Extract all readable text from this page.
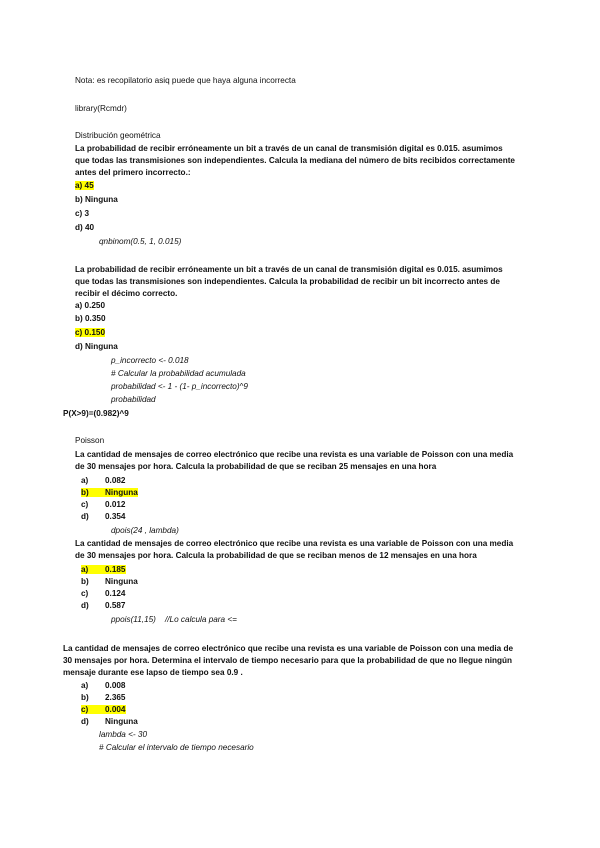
Nota: es recopilatorio asiq puede que haya alguna incorrecta
library(Rcmdr)
Distribución geométrica
La probabilidad de recibir erróneamente un bit a través de un canal de transmisión digital es 0.015. asumimos
que todas las transmisiones son independientes. Calcula la mediana del número de bits recibidos correctamente
antes del primero incorrecto.:
a) 45
b) Ninguna
c) 3
d) 40
qnbinom(0.5, 1, 0.015)
La probabilidad de recibir erróneamente un bit a través de un canal de transmisión digital es 0.015. asumimos
que todas las transmisiones son independientes. Calcula la probabilidad de recibir un bit incorrecto antes de
recibir el décimo correcto.
a) 0.250
b) 0.350
c) 0.150
d) Ninguna
p_incorrecto <- 0.018
# Calcular la probabilidad acumulada
probabilidad <- 1 - (1- p_incorrecto)^9
probabilidad
P(X>9)=(0.982)^9
Poisson
La cantidad de mensajes de correo electrónico que recibe una revista es una variable de Poisson con una media
de 30 mensajes por hora. Calcula la probabilidad de que se reciban 25 mensajes en una hora
a) 0.082
b) Ninguna
c) 0.012
d) 0.354
dpois(24 , lambda)
La cantidad de mensajes de correo electrónico que recibe una revista es una variable de Poisson con una media
de 30 mensajes por hora. Calcula la probabilidad de que se reciban menos de 12 mensajes en una hora
a) 0.185
b) Ninguna
c) 0.124
d) 0.587
ppois(11,15)    //Lo calcula para <=
La cantidad de mensajes de correo electrónico que recibe una revista es una variable de Poisson con una media de
30 mensajes por hora. Determina el intervalo de tiempo necesario para que la probabilidad de que no llegue ningún
mensaje durante ese lapso de tiempo sea 0.9 .
a) 0.008
b) 2.365
c) 0.004
d) Ninguna
lambda <- 30
# Calcular el intervalo de tiempo necesario
